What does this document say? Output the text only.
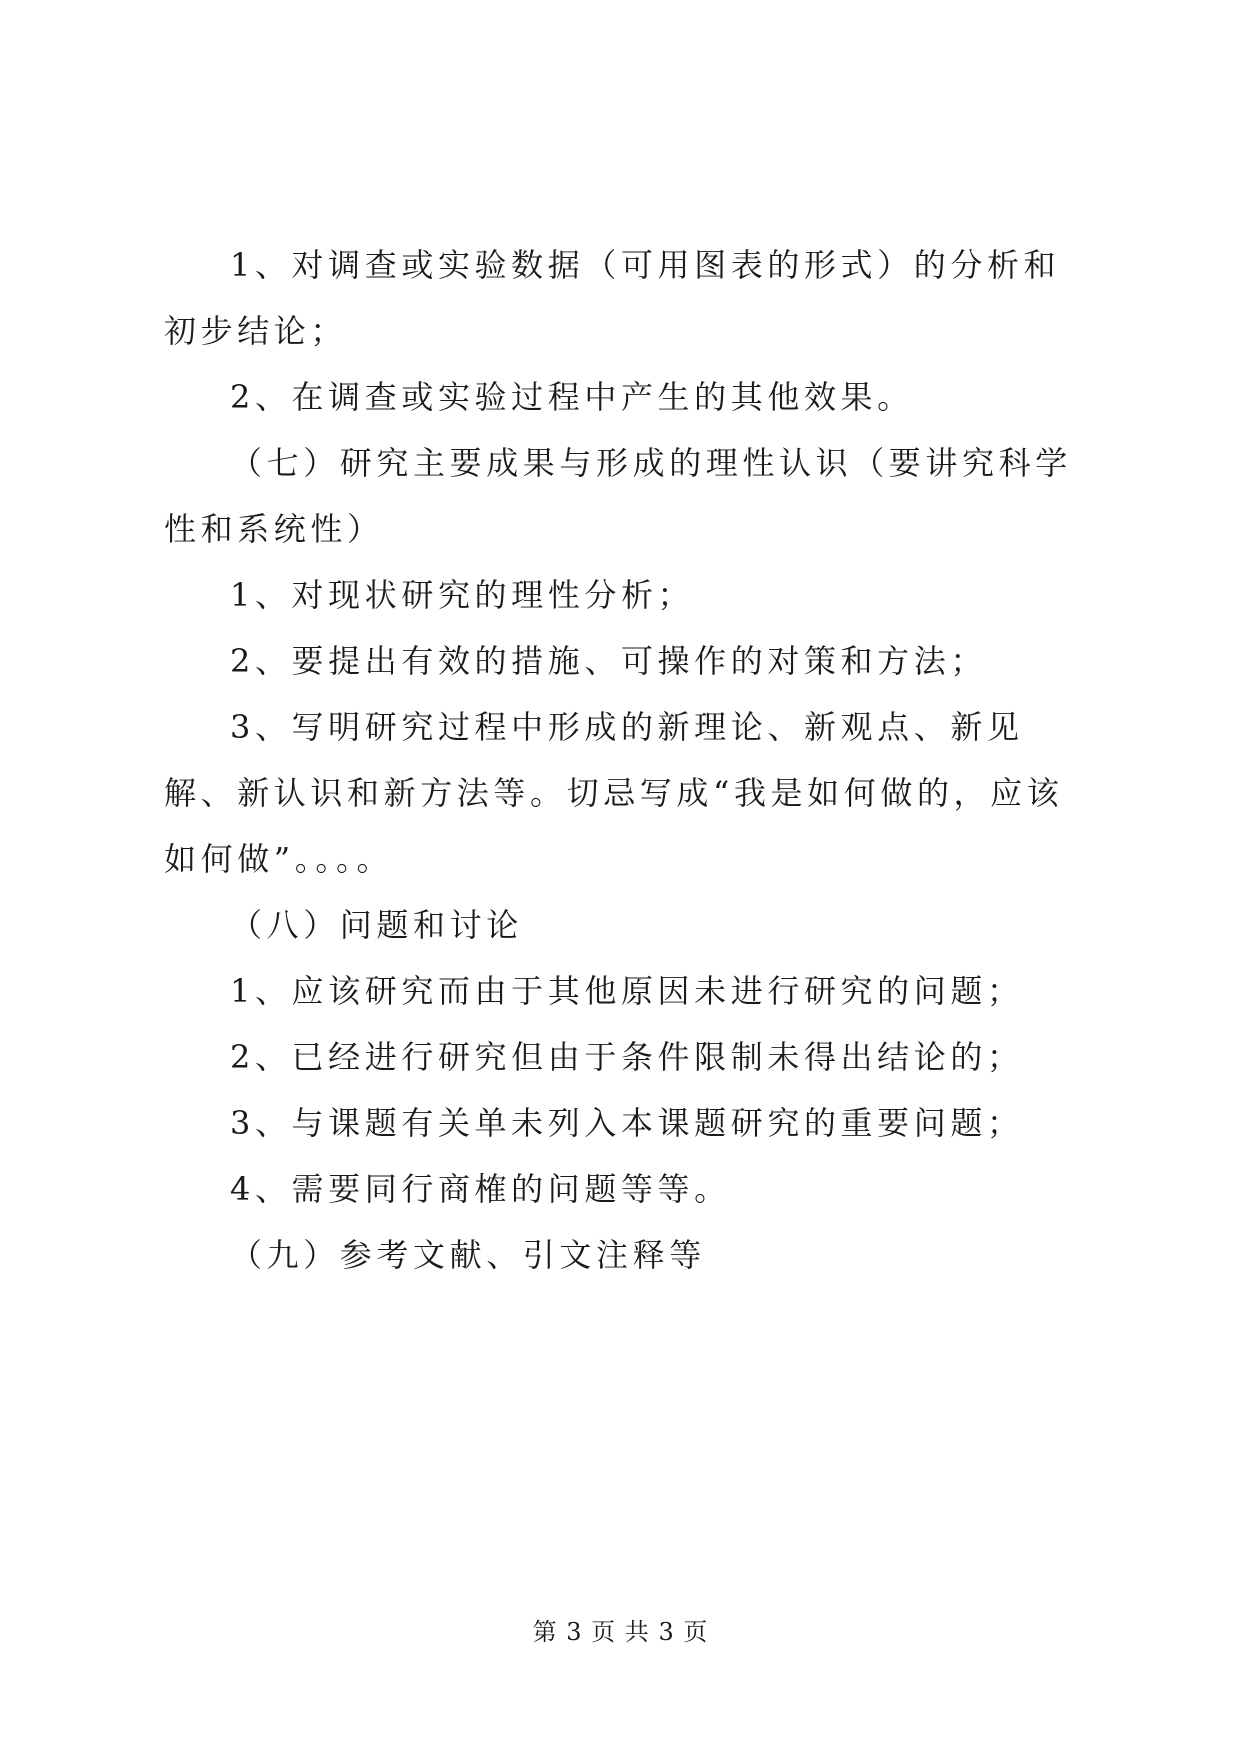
1、对调查或实验数据（可用图表的形式）的分析和初步结论；

2、在调查或实验过程中产生的其他效果。

（七）研究主要成果与形成的理性认识（要讲究科学性和系统性）

1、对现状研究的理性分析；

2、要提出有效的措施、可操作的对策和方法；

3、写明研究过程中形成的新理论、新观点、新见解、新认识和新方法等。切忌写成“我是如何做的，应该如何做”。。。。

（八）问题和讨论

1、应该研究而由于其他原因未进行研究的问题；

2、已经进行研究但由于条件限制未得出结论的；

3、与课题有关单未列入本课题研究的重要问题；

4、需要同行商榷的问题等等。

（九）参考文献、引文注释等

第 3 页 共 3 页
